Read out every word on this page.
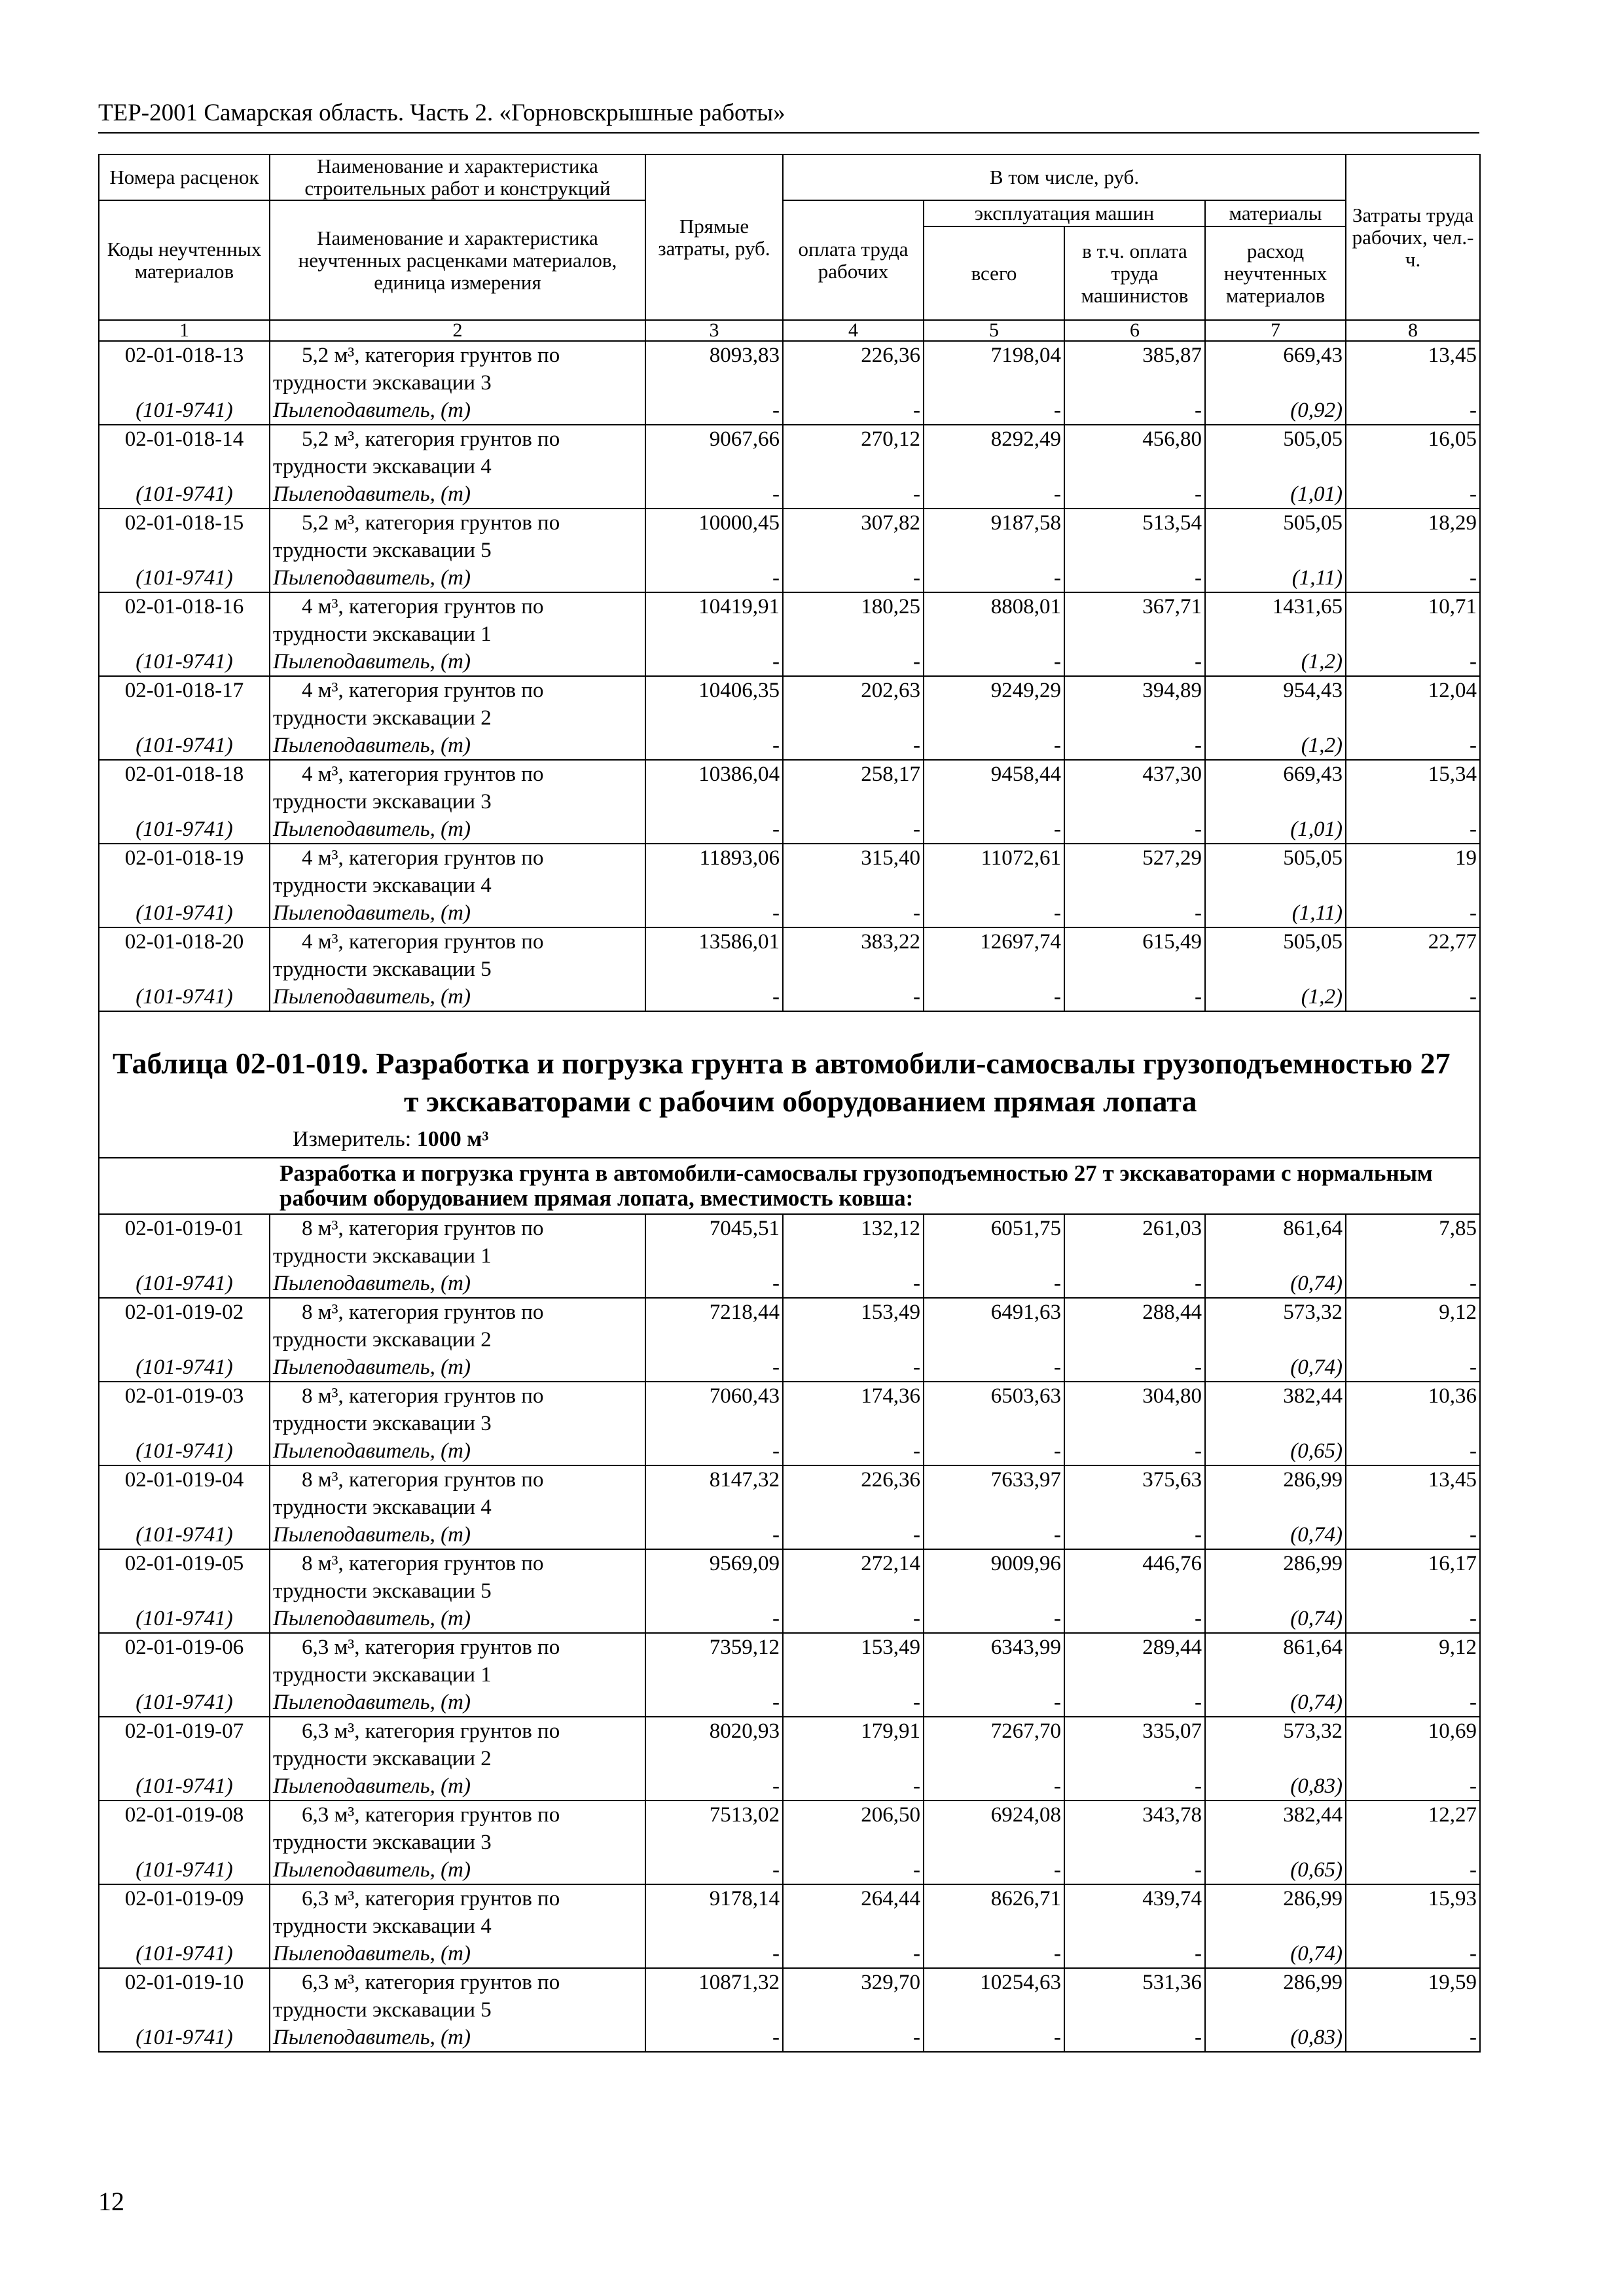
ТЕР-2001 Самарская область. Часть 2. «Горновскрышные работы»
Номера расценок	Наименование и характеристика строительных работ и конструкций	Прямые затраты, руб.	В том числе, руб.				Затраты труда рабочих, чел.-ч.
Коды неучтенных материалов	Наименование и характеристика неучтенных расценками материалов, единица измерения		оплата труда рабочих	эксплуатация машин		материалы	
				всего	в т.ч. оплата труда машинистов	расход неучтенных материалов	
1	2	3	4	5	6	7	8
02-01-018-13	5,2 м³, категория грунтов по	8093,83	226,36	7198,04	385,87	669,43	13,45
	трудности экскавации 3						
(101-9741)	Пылеподавитель, (т)	-	-	-	-	(0,92)	-
02-01-018-14	5,2 м³, категория грунтов по	9067,66	270,12	8292,49	456,80	505,05	16,05
	трудности экскавации 4						
(101-9741)	Пылеподавитель, (т)	-	-	-	-	(1,01)	-
02-01-018-15	5,2 м³, категория грунтов по	10000,45	307,82	9187,58	513,54	505,05	18,29
	трудности экскавации 5						
(101-9741)	Пылеподавитель, (т)	-	-	-	-	(1,11)	-
02-01-018-16	4 м³, категория грунтов по	10419,91	180,25	8808,01	367,71	1431,65	10,71
	трудности экскавации 1						
(101-9741)	Пылеподавитель, (т)	-	-	-	-	(1,2)	-
02-01-018-17	4 м³, категория грунтов по	10406,35	202,63	9249,29	394,89	954,43	12,04
	трудности экскавации 2						
(101-9741)	Пылеподавитель, (т)	-	-	-	-	(1,2)	-
02-01-018-18	4 м³, категория грунтов по	10386,04	258,17	9458,44	437,30	669,43	15,34
	трудности экскавации 3						
(101-9741)	Пылеподавитель, (т)	-	-	-	-	(1,01)	-
02-01-018-19	4 м³, категория грунтов по	11893,06	315,40	11072,61	527,29	505,05	19
	трудности экскавации 4						
(101-9741)	Пылеподавитель, (т)	-	-	-	-	(1,11)	-
02-01-018-20	4 м³, категория грунтов по	13586,01	383,22	12697,74	615,49	505,05	22,77
	трудности экскавации 5						
(101-9741)	Пылеподавитель, (т)	-	-	-	-	(1,2)	-

Таблица 02-01-019. Разработка и погрузка грунта в автомобили-самосвалы грузоподъемностью 27 т экскаваторами с рабочим оборудованием прямая лопата
Измеритель: 1000 м³							

Разработка и погрузка грунта в автомобили-самосвалы грузоподъемностью 27 т экскаваторами с нормальным рабочим оборудованием прямая лопата, вместимость ковша:							
02-01-019-01	8 м³, категория грунтов по	7045,51	132,12	6051,75	261,03	861,64	7,85
	трудности экскавации 1						
(101-9741)	Пылеподавитель, (т)	-	-	-	-	(0,74)	-
02-01-019-02	8 м³, категория грунтов по	7218,44	153,49	6491,63	288,44	573,32	9,12
	трудности экскавации 2						
(101-9741)	Пылеподавитель, (т)	-	-	-	-	(0,74)	-
02-01-019-03	8 м³, категория грунтов по	7060,43	174,36	6503,63	304,80	382,44	10,36
	трудности экскавации 3						
(101-9741)	Пылеподавитель, (т)	-	-	-	-	(0,65)	-
02-01-019-04	8 м³, категория грунтов по	8147,32	226,36	7633,97	375,63	286,99	13,45
	трудности экскавации 4						
(101-9741)	Пылеподавитель, (т)	-	-	-	-	(0,74)	-
02-01-019-05	8 м³, категория грунтов по	9569,09	272,14	9009,96	446,76	286,99	16,17
	трудности экскавации 5						
(101-9741)	Пылеподавитель, (т)	-	-	-	-	(0,74)	-
02-01-019-06	6,3 м³, категория грунтов по	7359,12	153,49	6343,99	289,44	861,64	9,12
	трудности экскавации 1						
(101-9741)	Пылеподавитель, (т)	-	-	-	-	(0,74)	-
02-01-019-07	6,3 м³, категория грунтов по	8020,93	179,91	7267,70	335,07	573,32	10,69
	трудности экскавации 2						
(101-9741)	Пылеподавитель, (т)	-	-	-	-	(0,83)	-
02-01-019-08	6,3 м³, категория грунтов по	7513,02	206,50	6924,08	343,78	382,44	12,27
	трудности экскавации 3						
(101-9741)	Пылеподавитель, (т)	-	-	-	-	(0,65)	-
02-01-019-09	6,3 м³, категория грунтов по	9178,14	264,44	8626,71	439,74	286,99	15,93
	трудности экскавации 4						
(101-9741)	Пылеподавитель, (т)	-	-	-	-	(0,74)	-
02-01-019-10	6,3 м³, категория грунтов по	10871,32	329,70	10254,63	531,36	286,99	19,59
	трудности экскавации 5						
(101-9741)	Пылеподавитель, (т)	-	-	-	-	(0,83)	-
12
